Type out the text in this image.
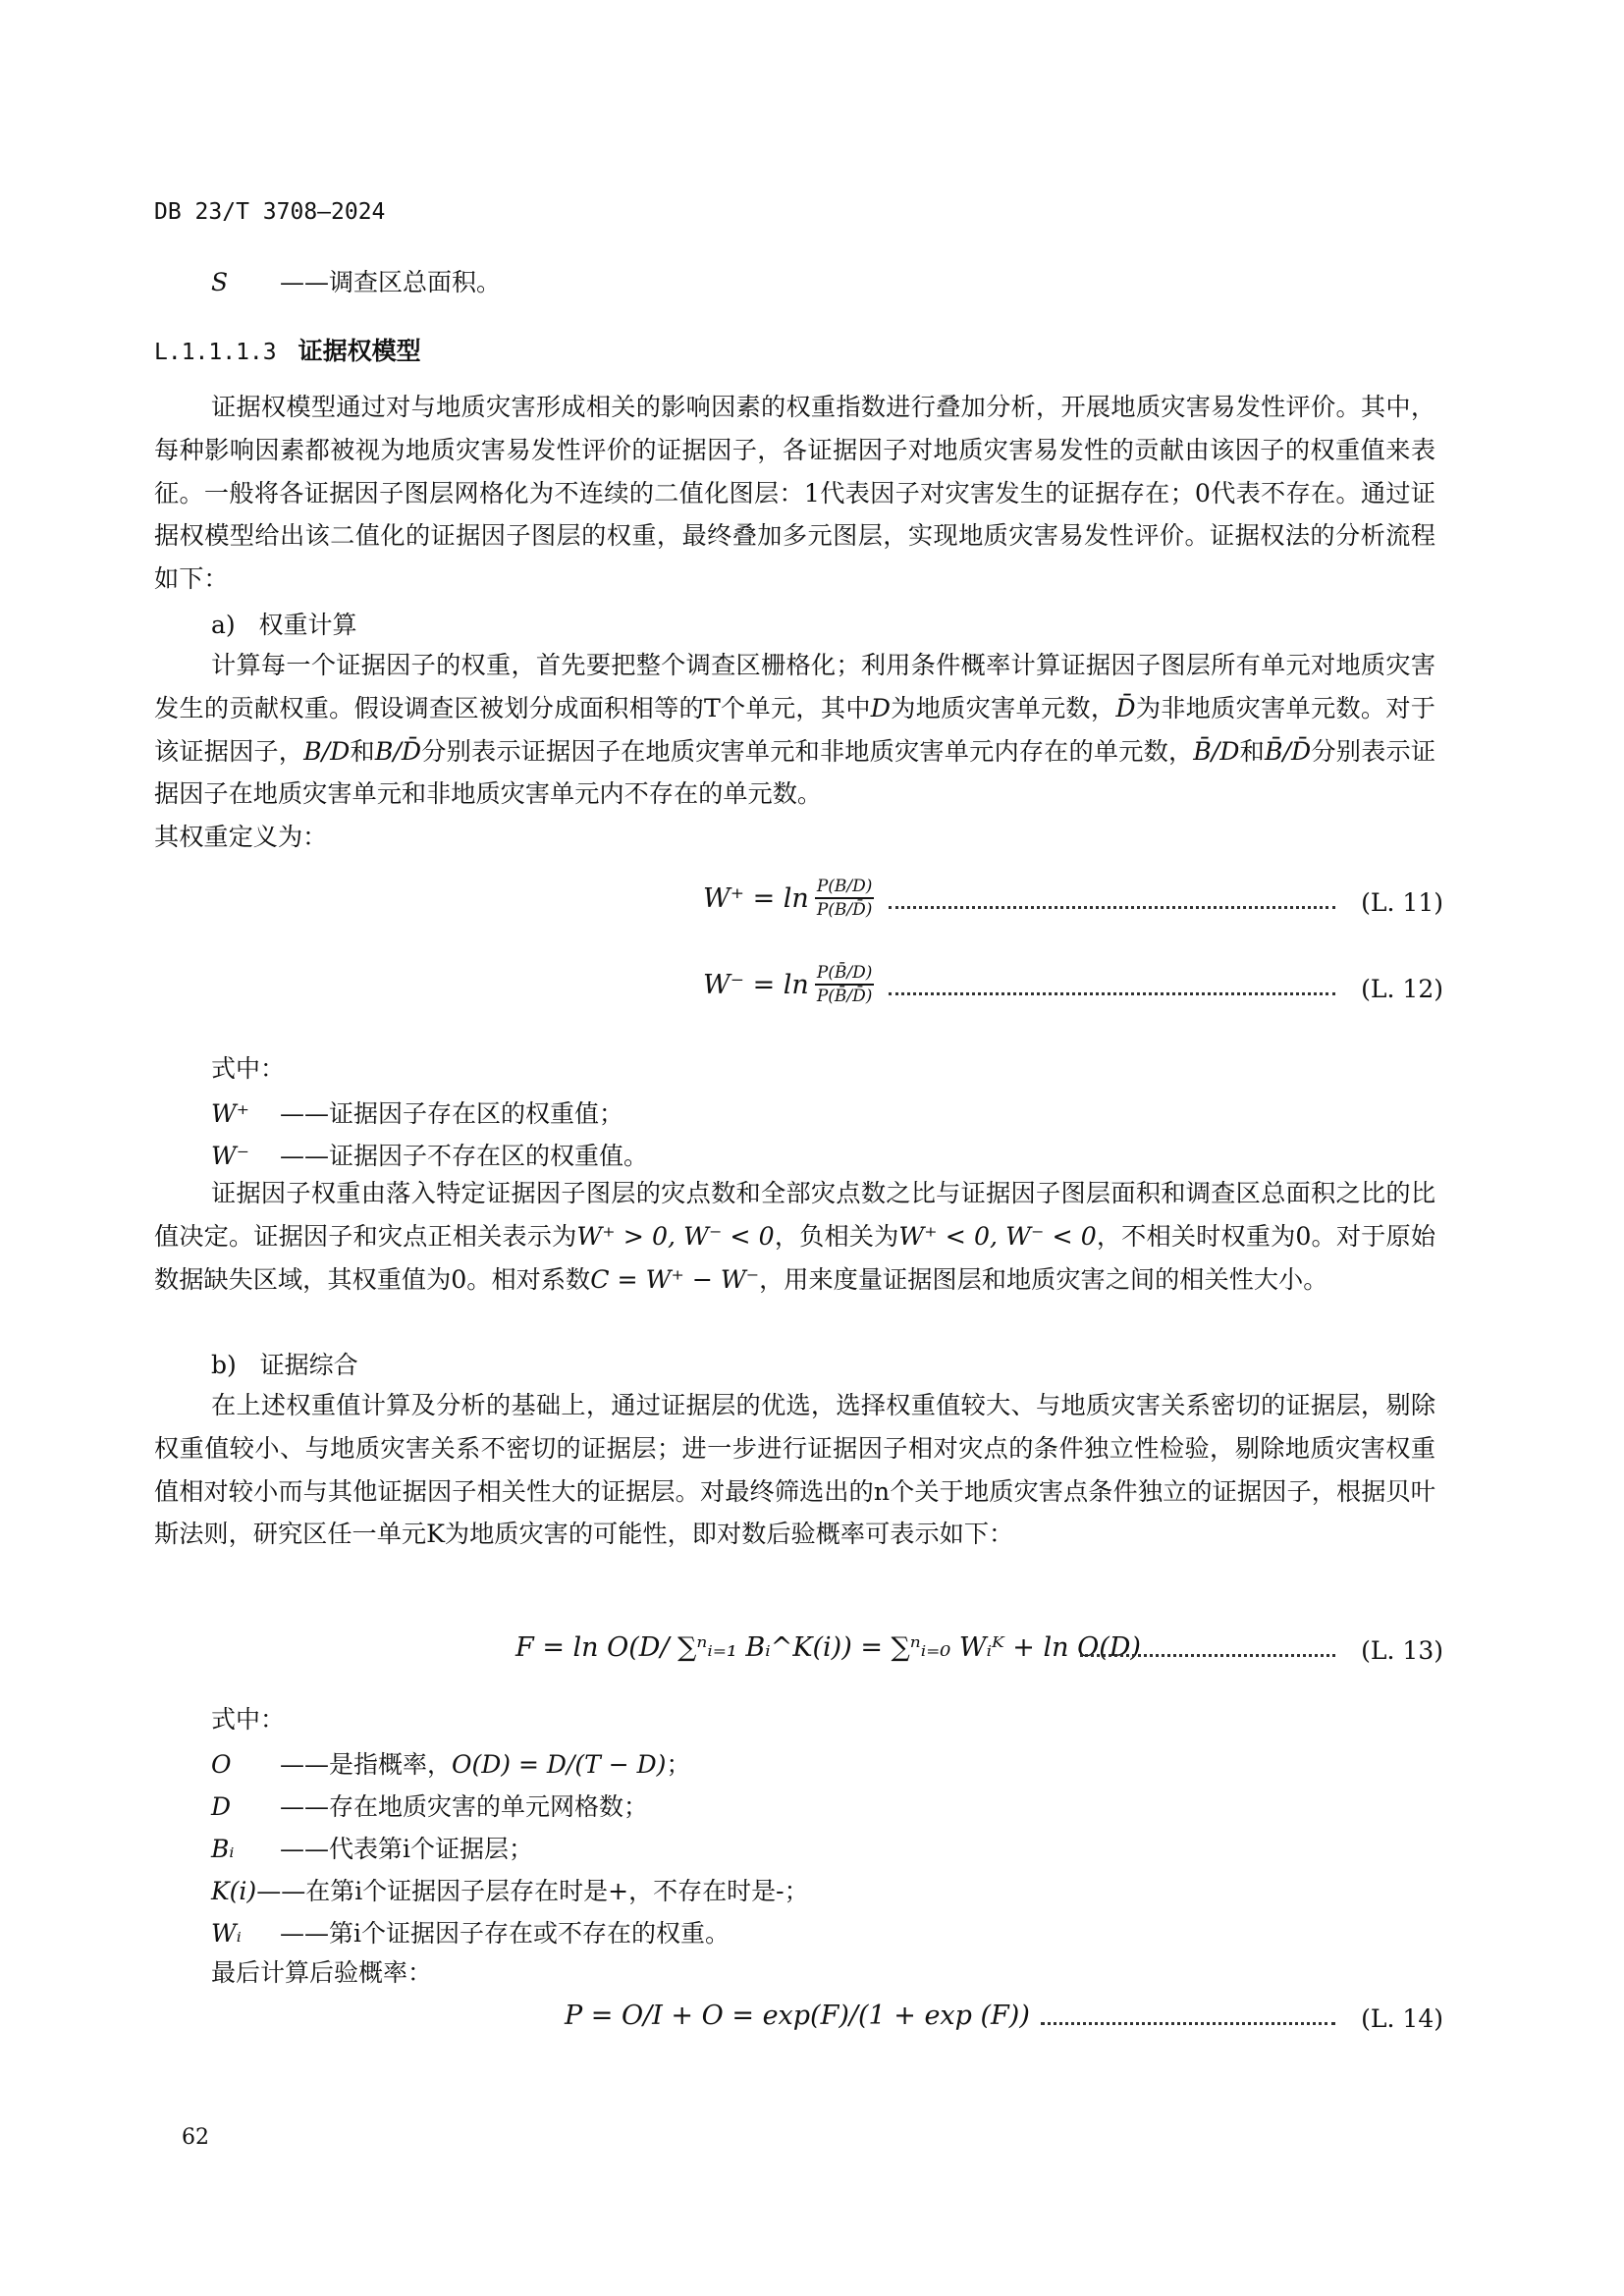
DB 23/T 3708—2024
S ——调查区总面积。
L.1.1.1.3 证据权模型

证据权模型通过对与地质灾害形成相关的影响因素的权重指数进行叠加分析，开展地质灾害易发性评价。其中，每种影响因素都被视为地质灾害易发性评价的证据因子，各证据因子对地质灾害易发性的贡献由该因子的权重值来表征。一般将各证据因子图层网格化为不连续的二值化图层：1代表因子对灾害发生的证据存在；0代表不存在。通过证据权模型给出该二值化的证据因子图层的权重，最终叠加多元图层，实现地质灾害易发性评价。证据权法的分析流程如下：

a) 权重计算

计算每一个证据因子的权重，首先要把整个调查区栅格化；利用条件概率计算证据因子图层所有单元对地质灾害发生的贡献权重。假设调查区被划分成面积相等的T个单元，其中D为地质灾害单元数，D̄为非地质灾害单元数。对于该证据因子，B/D和B/D̄分别表示证据因子在地质灾害单元和非地质灾害单元内存在的单元数，B̄/D和B̄/D̄分别表示证据因子在地质灾害单元和非地质灾害单元内不存在的单元数。

其权重定义为：
$W^+ = \ln \frac{P(B/D)}{P(B/D̄)}$	(L. 11)
$W^- = \ln \frac{P(B̄/D)}{P(B̄/D̄)}$	(L. 12)
式中：
W⁺ ——证据因子存在区的权重值；
W⁻ ——证据因子不存在区的权重值。

证据因子权重由落入特定证据因子图层的灾点数和全部灾点数之比与证据因子图层面积和调查区总面积之比的比值决定。证据因子和灾点正相关表示为W⁺ > 0, W⁻ < 0，负相关为W⁺ < 0, W⁻ < 0，不相关时权重为0。对于原始数据缺失区域，其权重值为0。相对系数C = W⁺ − W⁻，用来度量证据图层和地质灾害之间的相关性大小。

b) 证据综合

在上述权重值计算及分析的基础上，通过证据层的优选，选择权重值较大、与地质灾害关系密切的证据层，剔除权重值较小、与地质灾害关系不密切的证据层；进一步进行证据因子相对灾点的条件独立性检验，剔除地质灾害权重值相对较小而与其他证据因子相关性大的证据层。对最终筛选出的n个关于地质灾害点条件独立的证据因子，根据贝叶斯法则，研究区任一单元K为地质灾害的可能性，即对数后验概率可表示如下：

F = ln O(D/ ∑ⁿᵢ₌₁ Bᵢ^K(i)) = ∑ⁿᵢ₌₀ Wᵢᴷ + ln O(D)	(L. 13)
式中：
O ——是指概率，O(D) = D/(T − D)；
D ——存在地质灾害的单元网格数；
Bᵢ ——代表第i个证据层；
K(i)——在第i个证据因子层存在时是+，不存在时是-；
Wᵢ ——第i个证据因子存在或不存在的权重。
最后计算后验概率：
P = O/I + O = exp(F)/(1 + exp (F))	(L. 14)
62
